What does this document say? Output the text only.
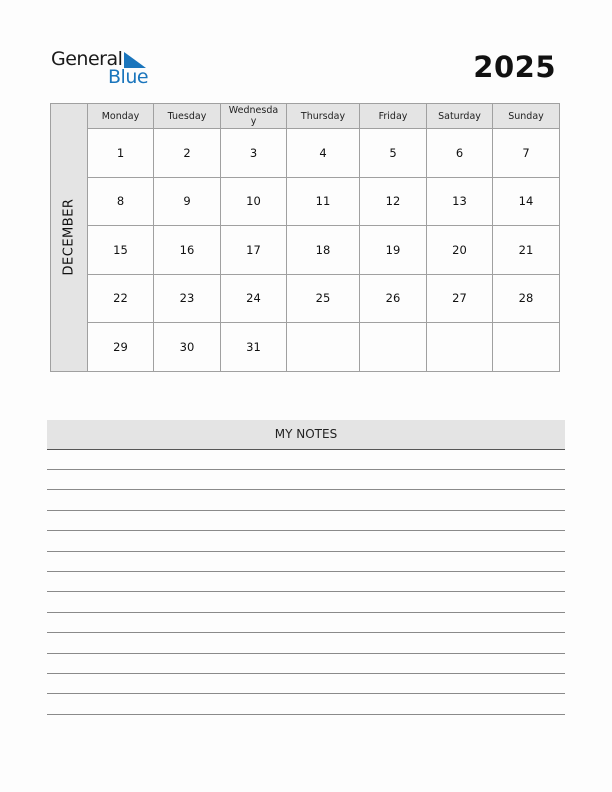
General
Blue	2025
DECEMBER	Monday	Tuesday	Wednesda y	Thursday	Friday	Saturday	Sunday
	1	2	3	4	5	6	7
	8	9	10	11	12	13	14
	15	16	17	18	19	20	21
	22	23	24	25	26	27	28
	29	30	31				
MY NOTES
